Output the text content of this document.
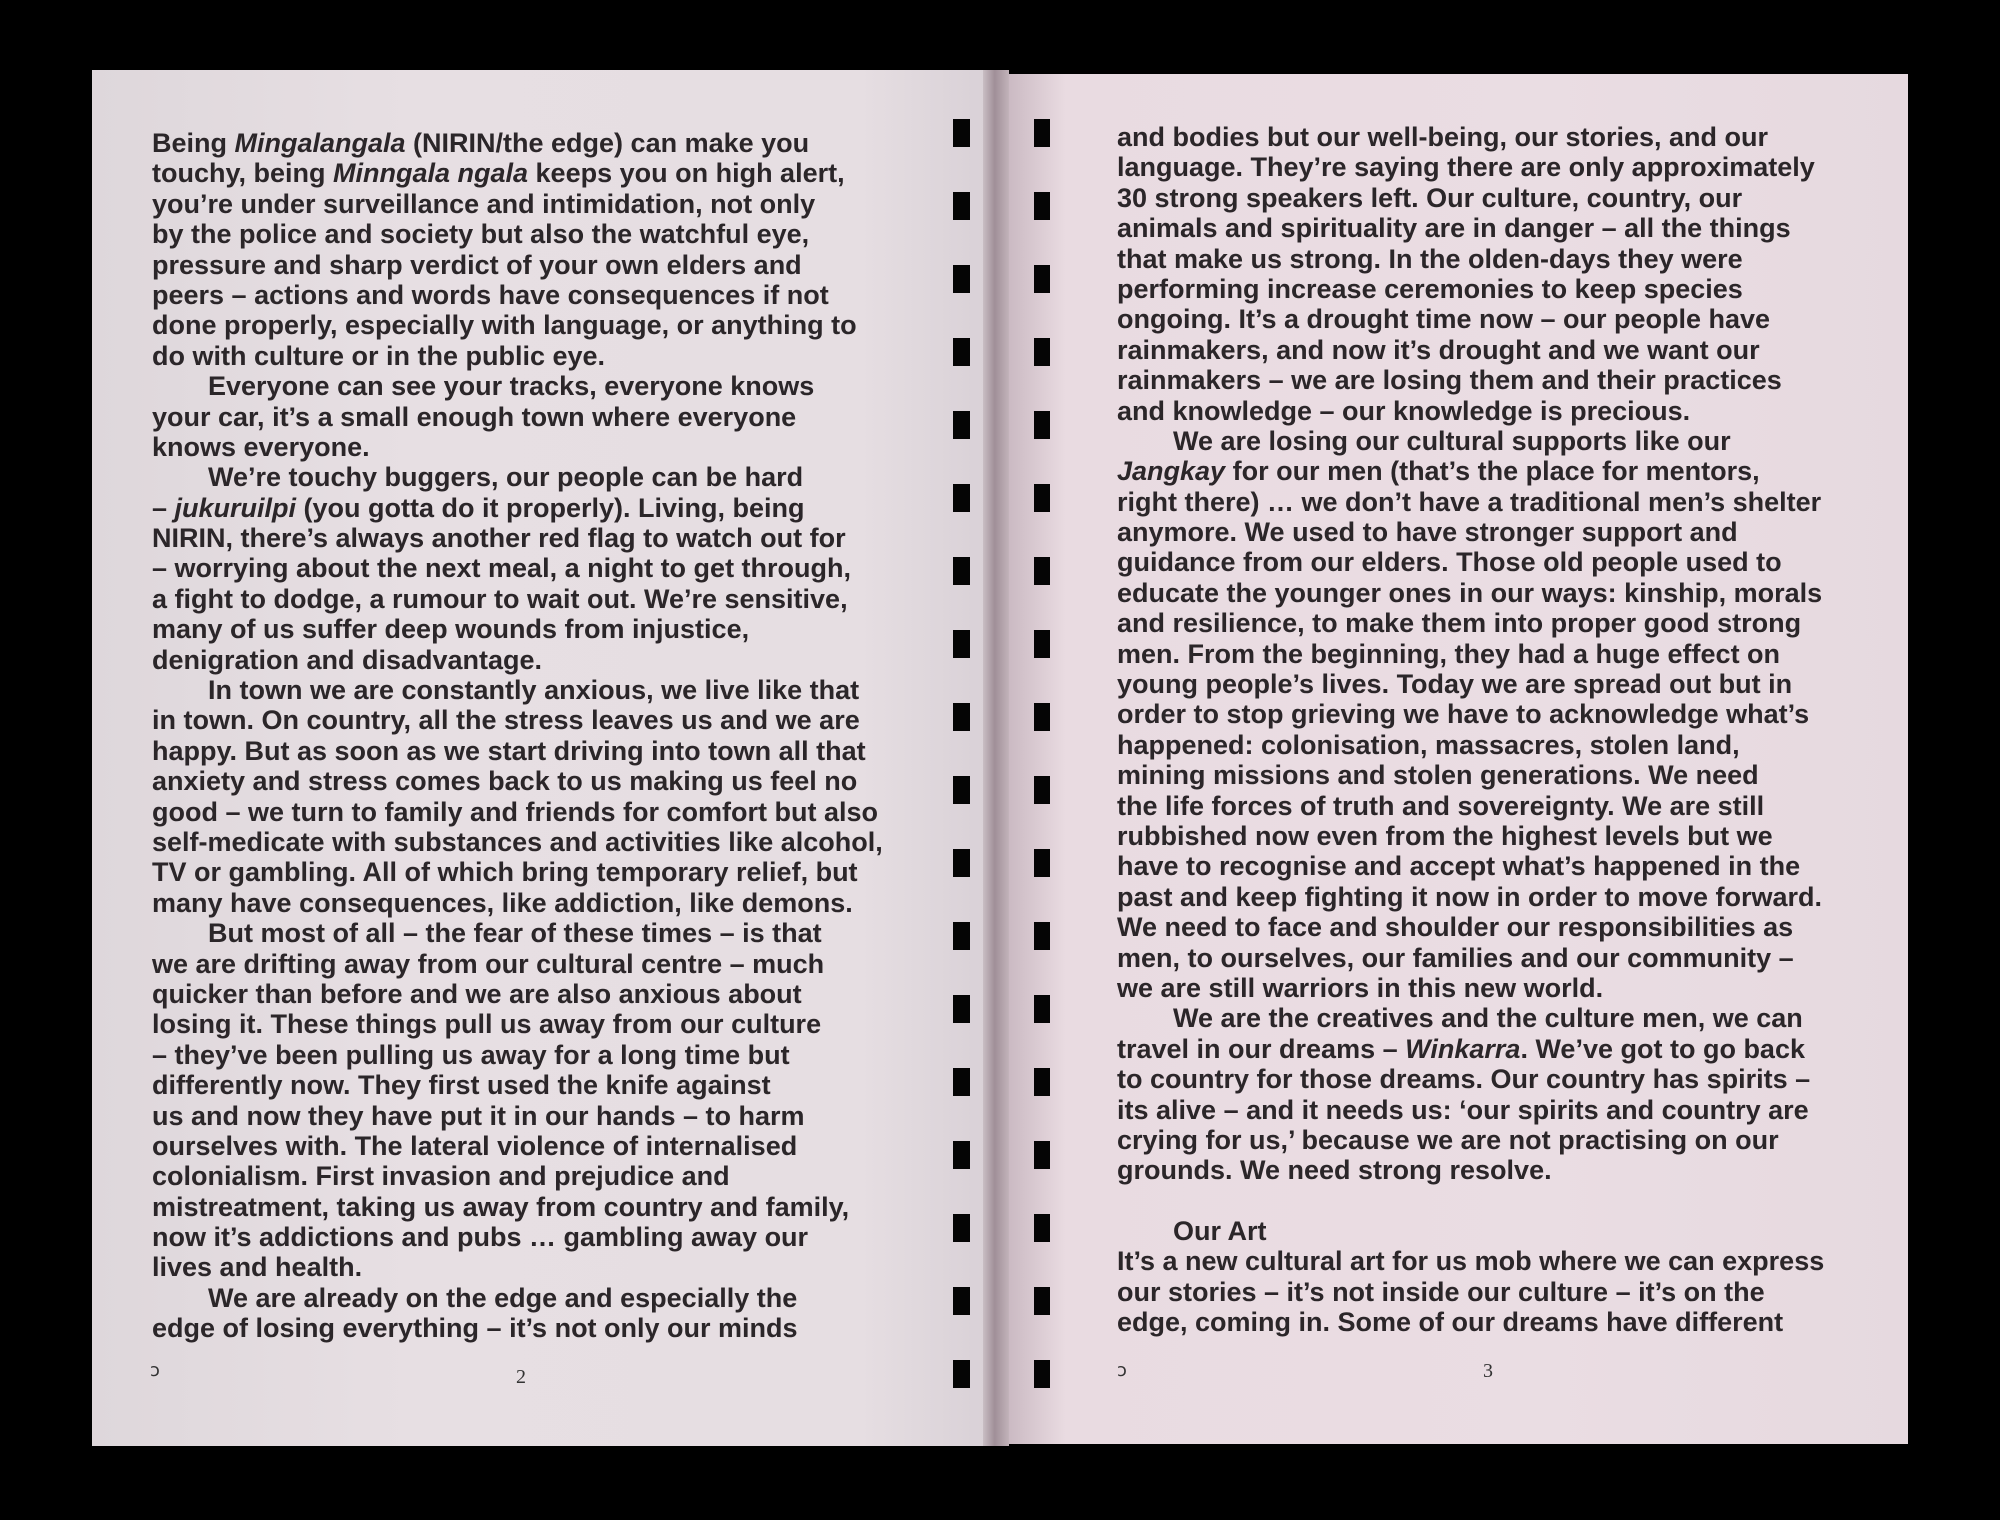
Being Mingalangala (NIRIN/the edge) can make you
touchy, being Minngala ngala keeps you on high alert,
you’re under surveillance and intimidation, not only
by the police and society but also the watchful eye,
pressure and sharp verdict of your own elders and
peers – actions and words have consequences if not
done properly, especially with language, or anything to
do with culture or in the public eye.
Everyone can see your tracks, everyone knows
your car, it’s a small enough town where everyone
knows everyone.
We’re touchy buggers, our people can be hard
– jukuruilpi (you gotta do it properly). Living, being
NIRIN, there’s always another red flag to watch out for
– worrying about the next meal, a night to get through,
a fight to dodge, a rumour to wait out. We’re sensitive,
many of us suffer deep wounds from injustice,
denigration and disadvantage.
In town we are constantly anxious, we live like that
in town. On country, all the stress leaves us and we are
happy. But as soon as we start driving into town all that
anxiety and stress comes back to us making us feel no
good – we turn to family and friends for comfort but also
self-medicate with substances and activities like alcohol,
TV or gambling. All of which bring temporary relief, but
many have consequences, like addiction, like demons.
But most of all – the fear of these times – is that
we are drifting away from our cultural centre – much
quicker than before and we are also anxious about
losing it. These things pull us away from our culture
– they’ve been pulling us away for a long time but
differently now. They first used the knife against
us and now they have put it in our hands – to harm
ourselves with. The lateral violence of internalised
colonialism. First invasion and prejudice and
mistreatment, taking us away from country and family,
now it’s addictions and pubs … gambling away our
lives and health.
We are already on the edge and especially the
edge of losing everything – it’s not only our minds
and bodies but our well-being, our stories, and our
language. They’re saying there are only approximately
30 strong speakers left. Our culture, country, our
animals and spirituality are in danger – all the things
that make us strong. In the olden-days they were
performing increase ceremonies to keep species
ongoing. It’s a drought time now – our people have
rainmakers, and now it’s drought and we want our
rainmakers – we are losing them and their practices
and knowledge – our knowledge is precious.
We are losing our cultural supports like our
Jangkay for our men (that’s the place for mentors,
right there) … we don’t have a traditional men’s shelter
anymore. We used to have stronger support and
guidance from our elders. Those old people used to
educate the younger ones in our ways: kinship, morals
and resilience, to make them into proper good strong
men. From the beginning, they had a huge effect on
young people’s lives. Today we are spread out but in
order to stop grieving we have to acknowledge what’s
happened: colonisation, massacres, stolen land,
mining missions and stolen generations. We need
the life forces of truth and sovereignty. We are still
rubbished now even from the highest levels but we
have to recognise and accept what’s happened in the
past and keep fighting it now in order to move forward.
We need to face and shoulder our responsibilities as
men, to ourselves, our families and our community –
we are still warriors in this new world.
We are the creatives and the culture men, we can
travel in our dreams – Winkarra. We’ve got to go back
to country for those dreams. Our country has spirits –
its alive – and it needs us: ‘our spirits and country are
crying for us,’ because we are not practising on our
grounds. We need strong resolve.
Our Art
It’s a new cultural art for us mob where we can express
our stories – it’s not inside our culture – it’s on the
edge, coming in. Some of our dreams have different
ↄ	2	ↄ	3
